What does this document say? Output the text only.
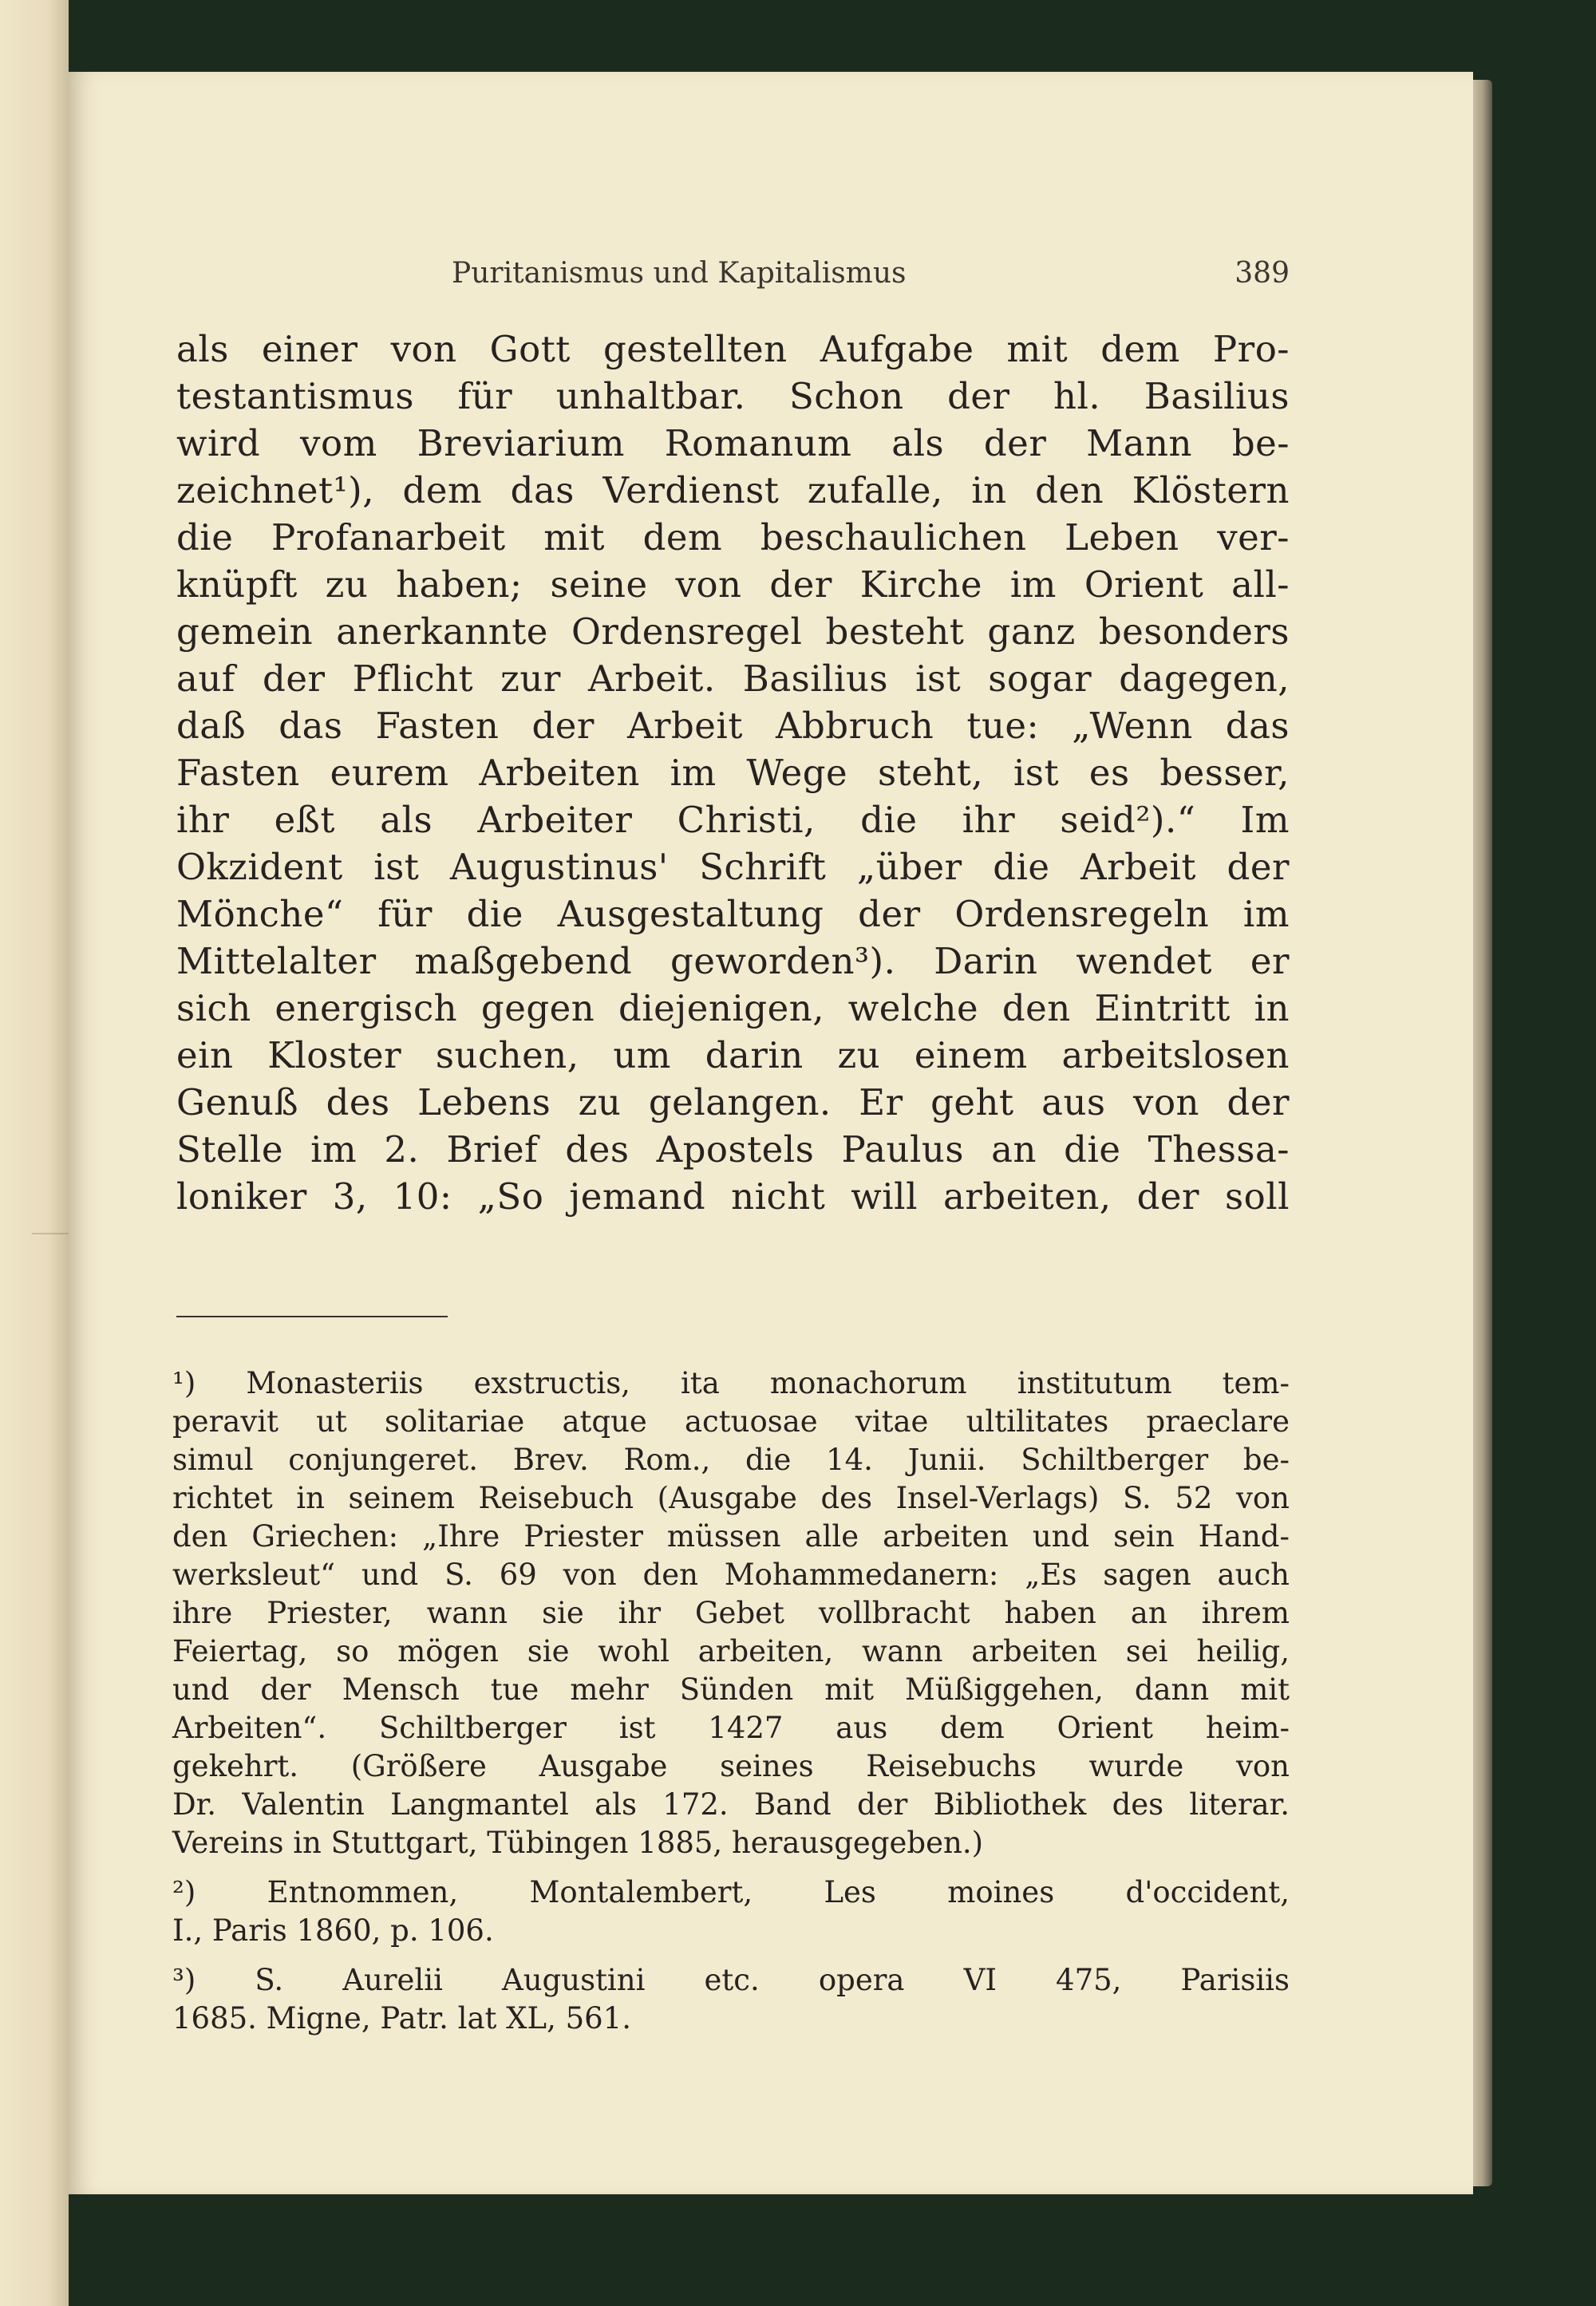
Puritanismus und Kapitalismus	389
als einer von Gott gestellten Aufgabe mit dem Pro-
testantismus für unhaltbar. Schon der hl. Basilius
wird vom Breviarium Romanum als der Mann be-
zeichnet¹), dem das Verdienst zufalle, in den Klöstern
die Profanarbeit mit dem beschaulichen Leben ver-
knüpft zu haben; seine von der Kirche im Orient all-
gemein anerkannte Ordensregel besteht ganz besonders
auf der Pflicht zur Arbeit. Basilius ist sogar dagegen,
daß das Fasten der Arbeit Abbruch tue: „Wenn das
Fasten eurem Arbeiten im Wege steht, ist es besser,
ihr eßt als Arbeiter Christi, die ihr seid²).“ Im
Okzident ist Augustinus' Schrift „über die Arbeit der
Mönche“ für die Ausgestaltung der Ordensregeln im
Mittelalter maßgebend geworden³). Darin wendet er
sich energisch gegen diejenigen, welche den Eintritt in
ein Kloster suchen, um darin zu einem arbeitslosen
Genuß des Lebens zu gelangen. Er geht aus von der
Stelle im 2. Brief des Apostels Paulus an die Thessa-
loniker 3, 10: „So jemand nicht will arbeiten, der soll
¹) Monasteriis exstructis, ita monachorum institutum tem-
peravit ut solitariae atque actuosae vitae ultilitates praeclare
simul conjungeret. Brev. Rom., die 14. Junii. Schiltberger be-
richtet in seinem Reisebuch (Ausgabe des Insel-Verlags) S. 52 von
den Griechen: „Ihre Priester müssen alle arbeiten und sein Hand-
werksleut“ und S. 69 von den Mohammedanern: „Es sagen auch
ihre Priester, wann sie ihr Gebet vollbracht haben an ihrem
Feiertag, so mögen sie wohl arbeiten, wann arbeiten sei heilig,
und der Mensch tue mehr Sünden mit Müßiggehen, dann mit
Arbeiten“. Schiltberger ist 1427 aus dem Orient heim-
gekehrt. (Größere Ausgabe seines Reisebuchs wurde von
Dr. Valentin Langmantel als 172. Band der Bibliothek des literar.
Vereins in Stuttgart, Tübingen 1885, herausgegeben.)
²) Entnommen, Montalembert, Les moines d'occident,
I., Paris 1860, p. 106.
³) S. Aurelii Augustini etc. opera VI 475, Parisiis
1685. Migne, Patr. lat XL, 561.
